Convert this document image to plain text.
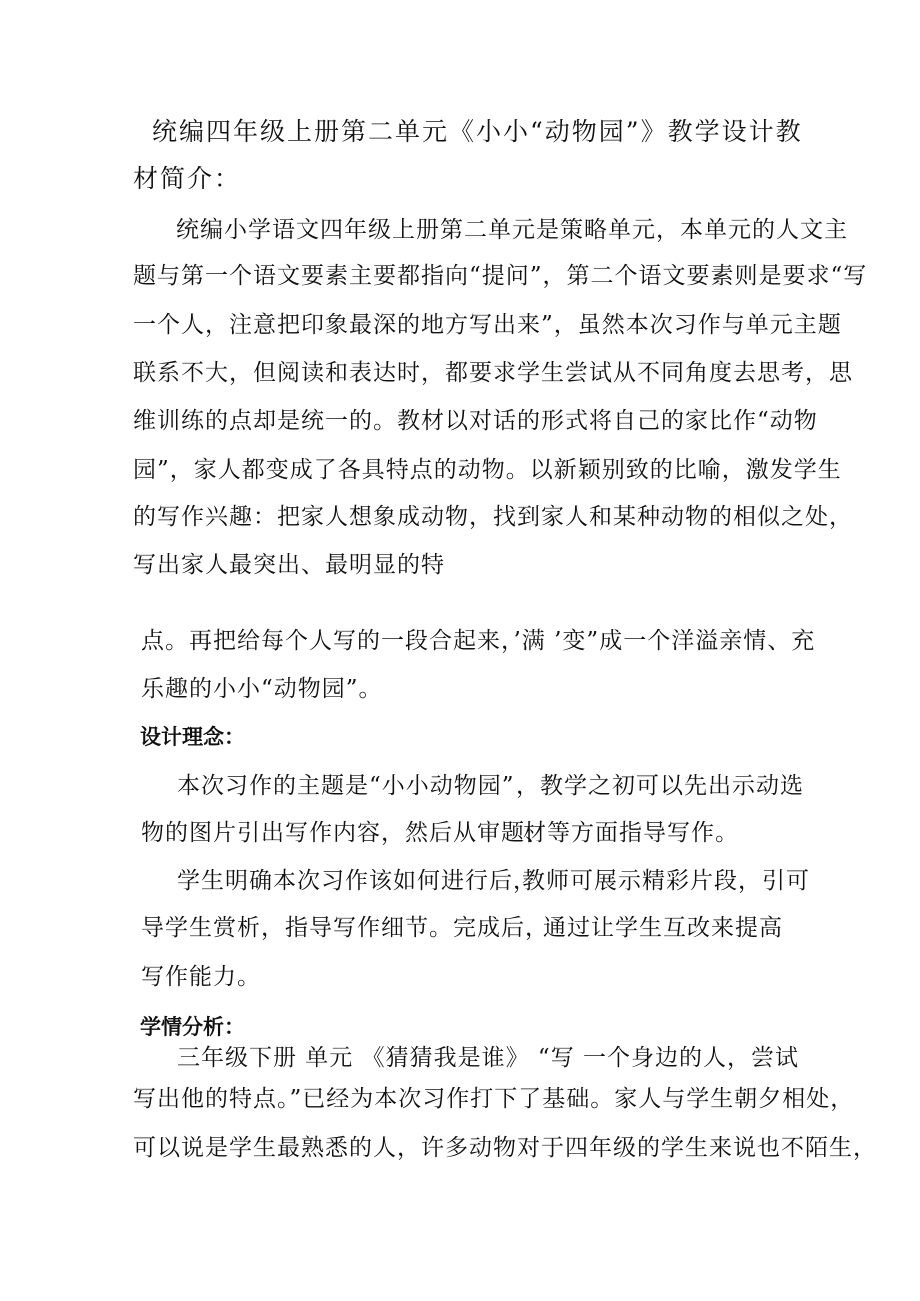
统编四年级上册第二单元《小小“动物园”》教学设计教
材简介：
统编小学语文四年级上册第二单元是策略单元，本单元的人文主
题与第一个语文要素主要都指向“提问”，第二个语文要素则是要求“写
一个人，注意把印象最深的地方写出来”，虽然本次习作与单元主题
联系不大，但阅读和表达时，都要求学生尝试从不同角度去思考，思
维训练的点却是统一的。教材以对话的形式将自己的家比作“动物
园”，家人都变成了各具特点的动物。以新颖别致的比喻，激发学生
的写作兴趣：把家人想象成动物，找到家人和某种动物的相似之处，
写出家人最突出、最明显的特
点。再把给每个人写的一段合起来，’满 ’变”成一个洋溢亲情、充
乐趣的小小“动物园”。
设计理念：
本次习作的主题是“小小动物园” ，教学之初可以先出示动选
物的图片引出写作内容，然后从审题、
材等方面指导写作。
学生明确本次习作该如何进行后，
教师可展示精彩片段，引可
导学生赏析，指导写作细节。完成后，
通过让学生互改来提高
写作能力。
学情分析：
三年级下册 单元 《猜猜我是谁》 “写 一个身边的人，尝试
写出他的特点。”已经为本次习作打下了基础。家人与学生朝夕相处，
可以说是学生最熟悉的人，许多动物对于四年级的学生来说也不陌生，
